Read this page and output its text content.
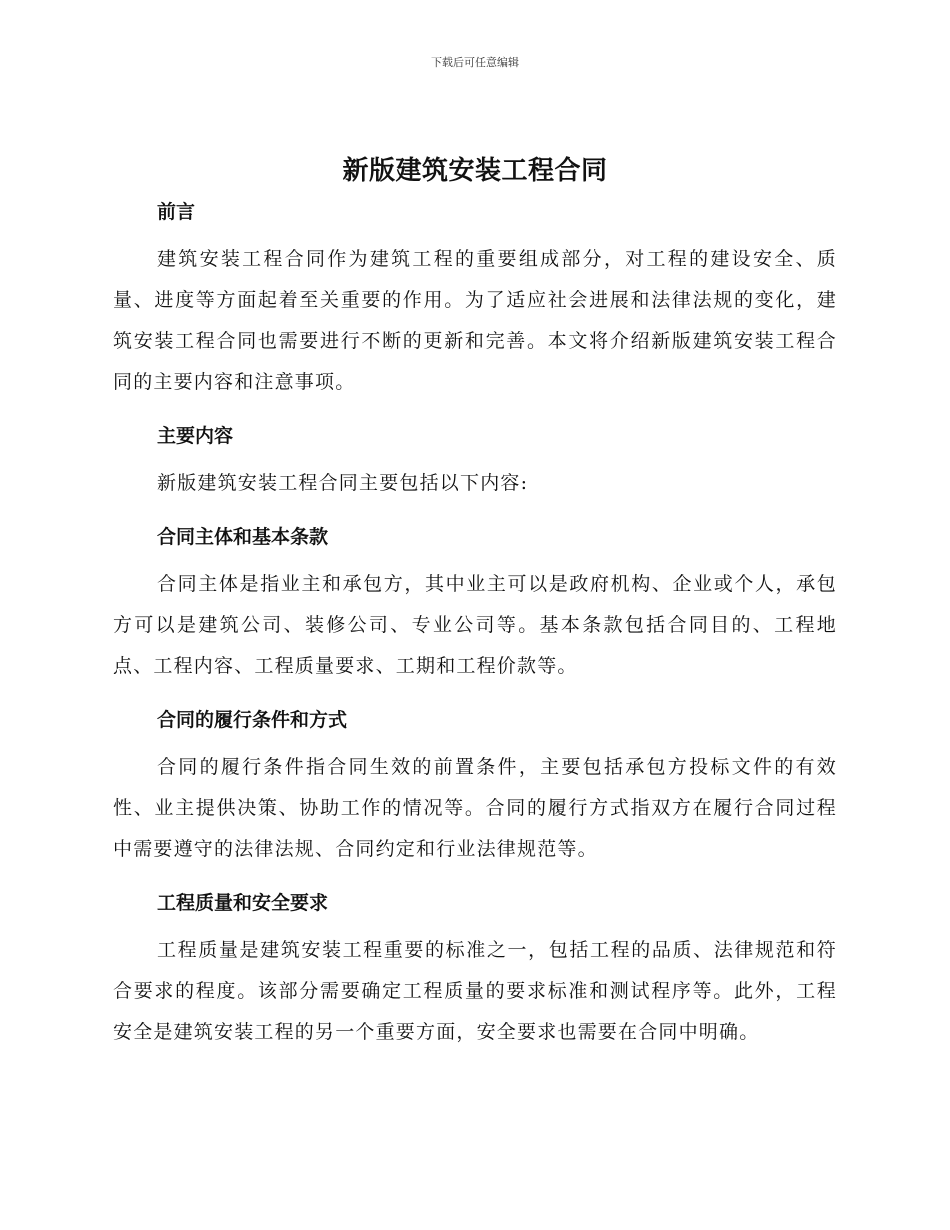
下载后可任意编辑
新版建筑安装工程合同
前言

建筑安装工程合同作为建筑工程的重要组成部分，对工程的建设安全、质量、进度等方面起着至关重要的作用。为了适应社会进展和法律法规的变化，建筑安装工程合同也需要进行不断的更新和完善。本文将介绍新版建筑安装工程合同的主要内容和注意事项。

主要内容

新版建筑安装工程合同主要包括以下内容:

合同主体和基本条款

合同主体是指业主和承包方，其中业主可以是政府机构、企业或个人，承包方可以是建筑公司、装修公司、专业公司等。基本条款包括合同目的、工程地点、工程内容、工程质量要求、工期和工程价款等。

合同的履行条件和方式

合同的履行条件指合同生效的前置条件，主要包括承包方投标文件的有效性、业主提供决策、协助工作的情况等。合同的履行方式指双方在履行合同过程中需要遵守的法律法规、合同约定和行业法律规范等。

工程质量和安全要求

工程质量是建筑安装工程重要的标准之一，包括工程的品质、法律规范和符合要求的程度。该部分需要确定工程质量的要求标准和测试程序等。此外，工程安全是建筑安装工程的另一个重要方面，安全要求也需要在合同中明确。
